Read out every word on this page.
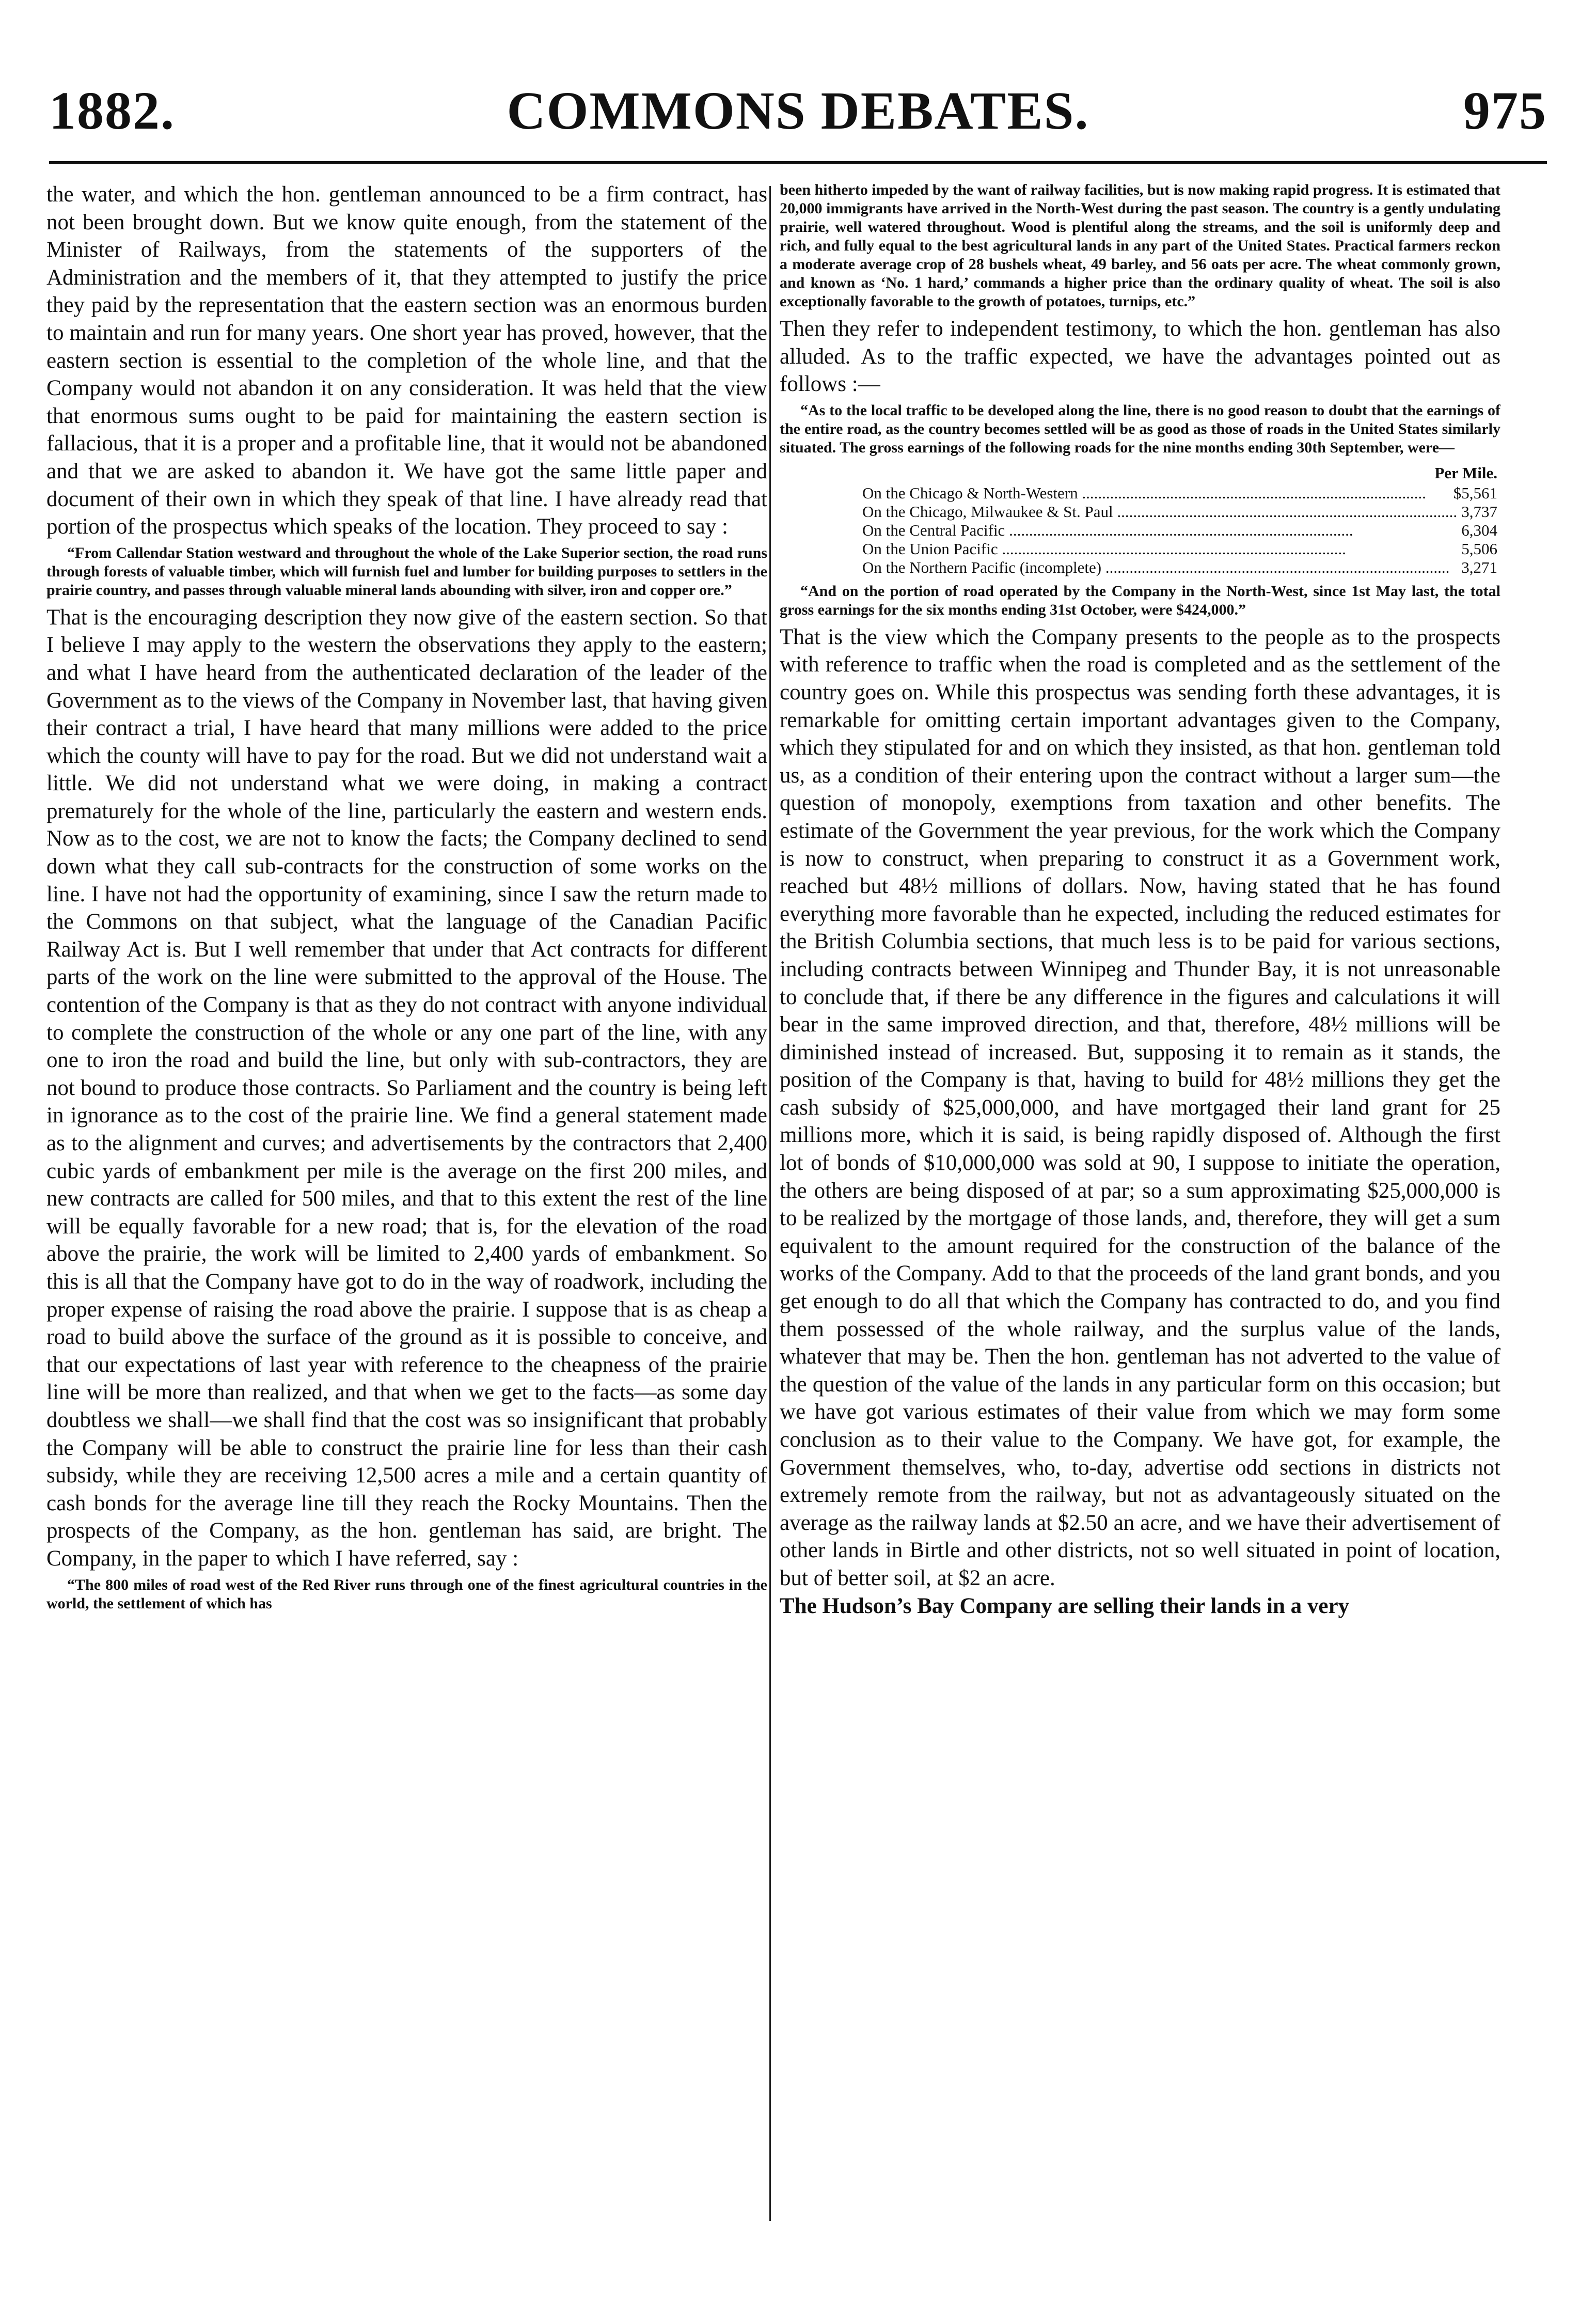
1882.	COMMONS DEBATES.	975

the water, and which the hon. gentleman announced to be a firm contract, has not been brought down. But we know quite enough, from the statement of the Minister of Railways, from the statements of the supporters of the Administration and the members of it, that they attempted to justify the price they paid by the representation that the eastern section was an enormous burden to maintain and run for many years. One short year has proved, however, that the eastern section is essential to the completion of the whole line, and that the Company would not abandon it on any consideration. It was held that the view that enormous sums ought to be paid for maintaining the eastern section is fallacious, that it is a proper and a profitable line, that it would not be abandoned and that we are asked to abandon it. We have got the same little paper and document of their own in which they speak of that line. I have already read that portion of the prospectus which speaks of the location. They proceed to say :

“From Callendar Station westward and throughout the whole of the Lake Superior section, the road runs through forests of valuable timber, which will furnish fuel and lumber for building purposes to settlers in the prairie country, and passes through valuable mineral lands abounding with silver, iron and copper ore.”

That is the encouraging description they now give of the eastern section. So that I believe I may apply to the western the observations they apply to the eastern; and what I have heard from the authenticated declaration of the leader of the Government as to the views of the Company in November last, that having given their contract a trial, I have heard that many millions were added to the price which the county will have to pay for the road. But we did not understand wait a little. We did not understand what we were doing, in making a contract prematurely for the whole of the line, particularly the eastern and western ends. Now as to the cost, we are not to know the facts; the Company declined to send down what they call sub-contracts for the construction of some works on the line. I have not had the opportunity of examining, since I saw the return made to the Commons on that subject, what the language of the Canadian Pacific Railway Act is. But I well remember that under that Act contracts for different parts of the work on the line were submitted to the approval of the House. The contention of the Company is that as they do not contract with anyone individual to complete the construction of the whole or any one part of the line, with any one to iron the road and build the line, but only with sub-contractors, they are not bound to produce those contracts. So Parliament and the country is being left in ignorance as to the cost of the prairie line. We find a general statement made as to the alignment and curves; and advertisements by the contractors that 2,400 cubic yards of embankment per mile is the average on the first 200 miles, and new contracts are called for 500 miles, and that to this extent the rest of the line will be equally favorable for a new road; that is, for the elevation of the road above the prairie, the work will be limited to 2,400 yards of embankment. So this is all that the Company have got to do in the way of roadwork, including the proper expense of raising the road above the prairie. I suppose that is as cheap a road to build above the surface of the ground as it is possible to conceive, and that our expectations of last year with reference to the cheapness of the prairie line will be more than realized, and that when we get to the facts—as some day doubtless we shall—we shall find that the cost was so insignificant that probably the Company will be able to construct the prairie line for less than their cash subsidy, while they are receiving 12,500 acres a mile and a certain quantity of cash bonds for the average line till they reach the Rocky Mountains. Then the prospects of the Company, as the hon. gentleman has said, are bright. The Company, in the paper to which I have referred, say :

“The 800 miles of road west of the Red River runs through one of the finest agricultural countries in the world, the settlement of which has

been hitherto impeded by the want of railway facilities, but is now making rapid progress. It is estimated that 20,000 immigrants have arrived in the North-West during the past season. The country is a gently undulating prairie, well watered throughout. Wood is plentiful along the streams, and the soil is uniformly deep and rich, and fully equal to the best agricultural lands in any part of the United States. Practical farmers reckon a moderate average crop of 28 bushels wheat, 49 barley, and 56 oats per acre. The wheat commonly grown, and known as ‘No. 1 hard,’ commands a higher price than the ordinary quality of wheat. The soil is also exceptionally favorable to the growth of potatoes, turnips, etc.”

Then they refer to independent testimony, to which the hon. gentleman has also alluded. As to the traffic expected, we have the advantages pointed out as follows :—

“As to the local traffic to be developed along the line, there is no good reason to doubt that the earnings of the entire road, as the country becomes settled will be as good as those of roads in the United States similarly situated. The gross earnings of the following roads for the nine months ending 30th September, were—

Per Mile.
On the Chicago & North-Western .....	$5,561
On the Chicago, Milwaukee & St. Paul .....	3,737
On the Central Pacific .....	6,304
On the Union Pacific .....	5,506
On the Northern Pacific (incomplete) .....	3,271

“And on the portion of road operated by the Company in the North-West, since 1st May last, the total gross earnings for the six months ending 31st October, were $424,000.”

That is the view which the Company presents to the people as to the prospects with reference to traffic when the road is completed and as the settlement of the country goes on. While this prospectus was sending forth these advantages, it is remarkable for omitting certain important advantages given to the Company, which they stipulated for and on which they insisted, as that hon. gentleman told us, as a condition of their entering upon the contract without a larger sum—the question of monopoly, exemptions from taxation and other benefits. The estimate of the Government the year previous, for the work which the Company is now to construct, when preparing to construct it as a Government work, reached but 48½ millions of dollars. Now, having stated that he has found everything more favorable than he expected, including the reduced estimates for the British Columbia sections, that much less is to be paid for various sections, including contracts between Winnipeg and Thunder Bay, it is not unreasonable to conclude that, if there be any difference in the figures and calculations it will bear in the same improved direction, and that, therefore, 48½ millions will be diminished instead of increased. But, supposing it to remain as it stands, the position of the Company is that, having to build for 48½ millions they get the cash subsidy of $25,000,000, and have mortgaged their land grant for 25 millions more, which it is said, is being rapidly disposed of. Although the first lot of bonds of $10,000,000 was sold at 90, I suppose to initiate the operation, the others are being disposed of at par; so a sum approximating $25,000,000 is to be realized by the mortgage of those lands, and, therefore, they will get a sum equivalent to the amount required for the construction of the balance of the works of the Company. Add to that the proceeds of the land grant bonds, and you get enough to do all that which the Company has contracted to do, and you find them possessed of the whole railway, and the surplus value of the lands, whatever that may be. Then the hon. gentleman has not adverted to the value of the question of the value of the lands in any particular form on this occasion; but we have got various estimates of their value from which we may form some conclusion as to their value to the Company. We have got, for example, the Government themselves, who, to-day, advertise odd sections in districts not extremely remote from the railway, but not as advantageously situated on the average as the railway lands at $2.50 an acre, and we have their advertisement of other lands in Birtle and other districts, not so well situated in point of location, but of better soil, at $2 an acre.

The Hudson’s Bay Company are selling their lands in a very
